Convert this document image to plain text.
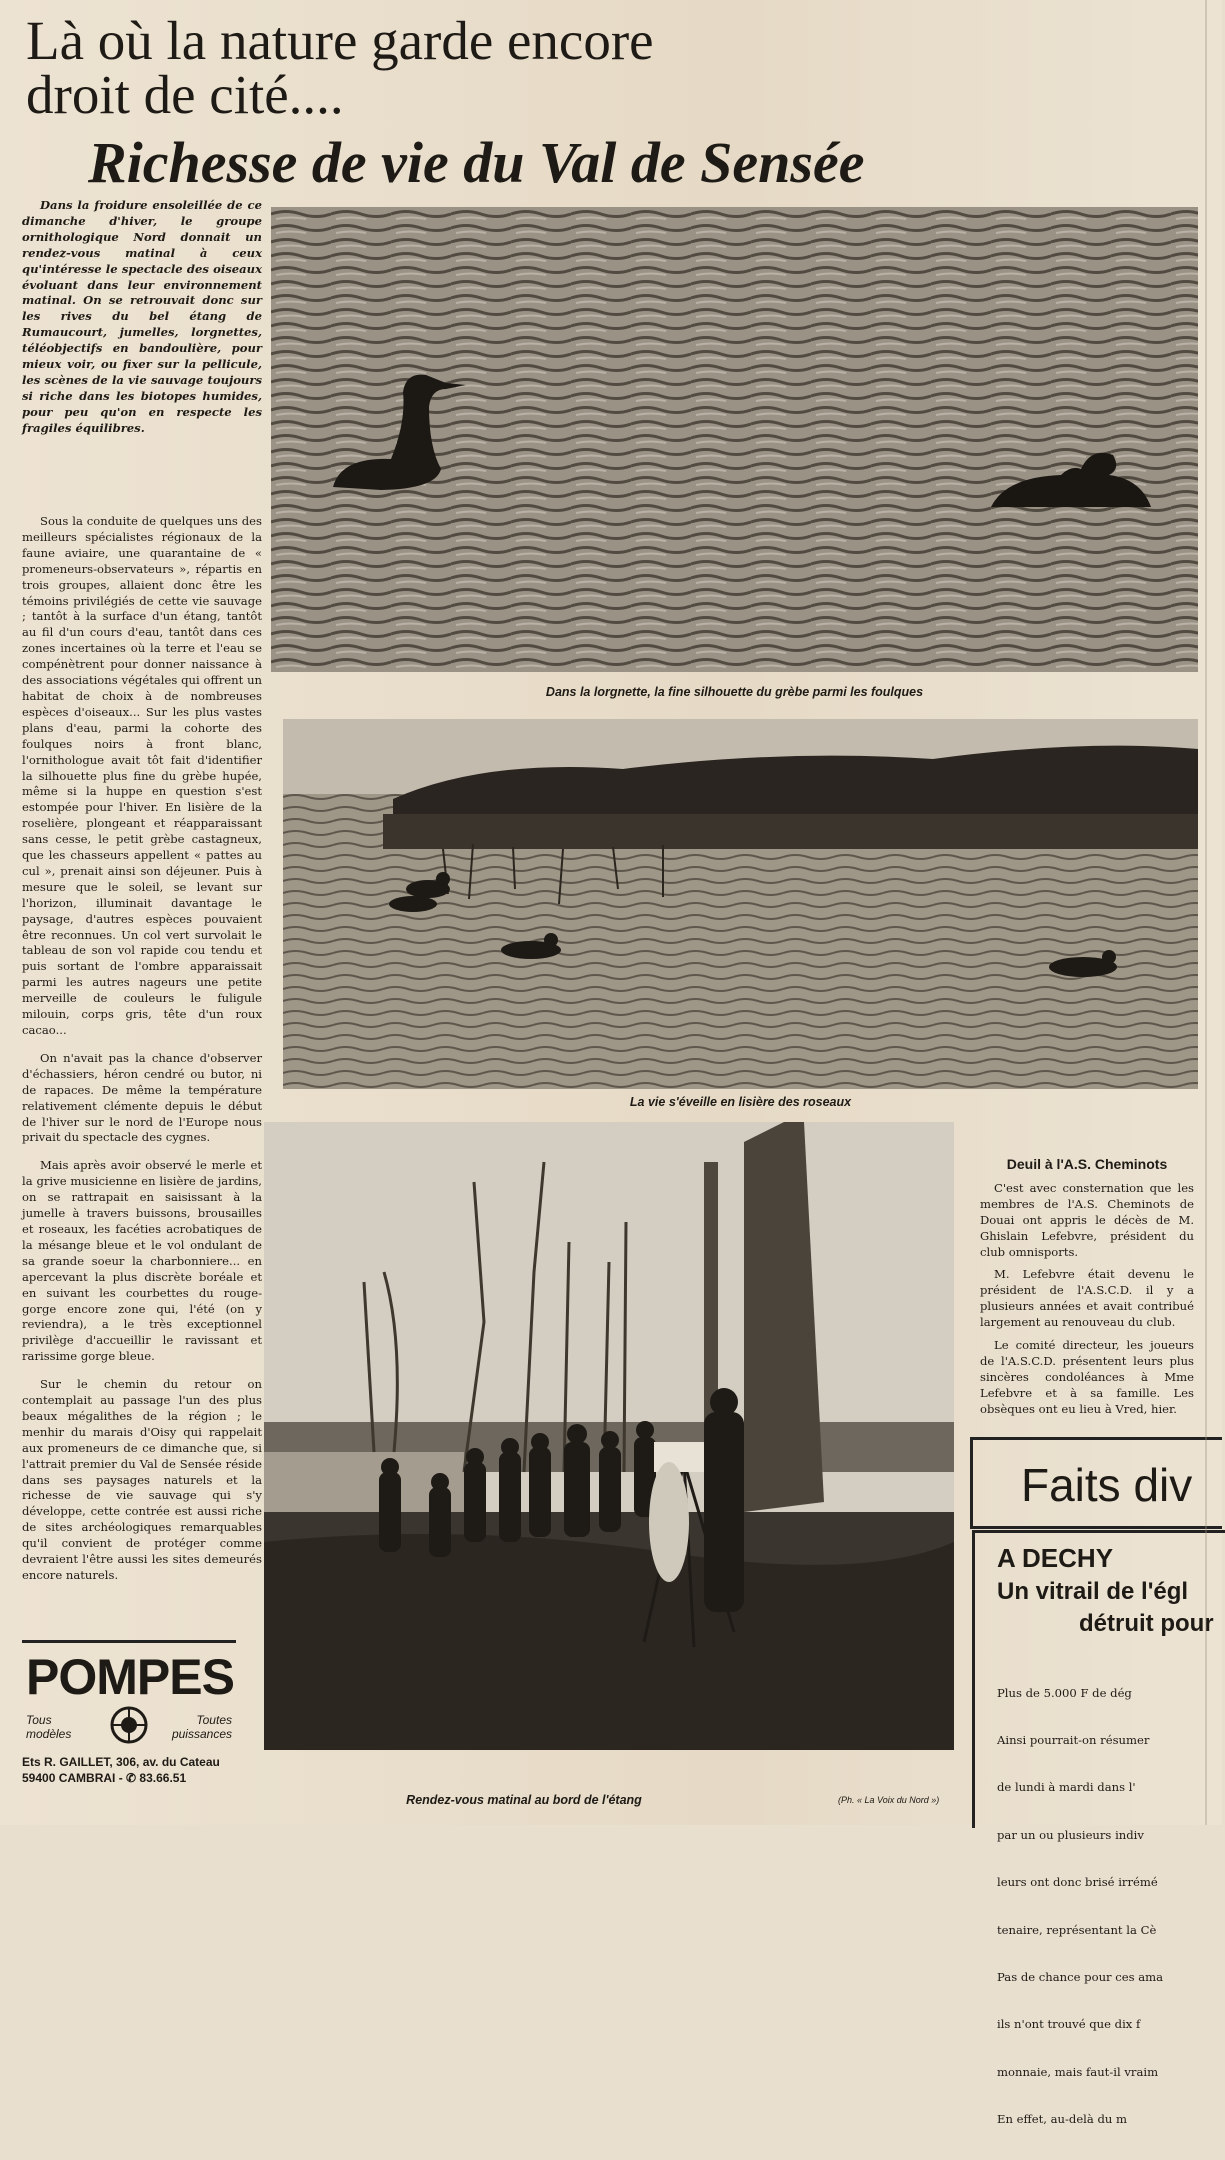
Là où la nature garde encore
droit de cité....
Richesse de vie du Val de Sensée

Dans la froidure ensoleillée de ce dimanche d'hiver, le groupe ornithologique Nord donnait un rendez-vous matinal à ceux qu'intéresse le spectacle des oiseaux évoluant dans leur environnement matinal. On se retrouvait donc sur les rives du bel étang de Rumaucourt, jumelles, lorgnettes, téléobjectifs en bandoulière, pour mieux voir, ou fixer sur la pellicule, les scènes de la vie sauvage toujours si riche dans les biotopes humides, pour peu qu'on en respecte les fragiles équilibres.

Sous la conduite de quelques uns des meilleurs spécialistes régionaux de la faune aviaire, une quarantaine de « promeneurs-observateurs », répartis en trois groupes, allaient donc être les témoins privilégiés de cette vie sauvage ; tantôt à la surface d'un étang, tantôt au fil d'un cours d'eau, tantôt dans ces zones incertaines où la terre et l'eau se compénètrent pour donner naissance à des associations végétales qui offrent un habitat de choix à de nombreuses espèces d'oiseaux... Sur les plus vastes plans d'eau, parmi la cohorte des foulques noirs à front blanc, l'ornithologue avait tôt fait d'identifier la silhouette plus fine du grèbe hupée, même si la huppe en question s'est estompée pour l'hiver. En lisière de la roselière, plongeant et réapparaissant sans cesse, le petit grèbe castagneux, que les chasseurs appellent « pattes au cul », prenait ainsi son déjeuner. Puis à mesure que le soleil, se levant sur l'horizon, illuminait davantage le paysage, d'autres espèces pouvaient être reconnues. Un col vert survolait le tableau de son vol rapide cou tendu et puis sortant de l'ombre apparaissait parmi les autres nageurs une petite merveille de couleurs le fuligule milouin, corps gris, tête d'un roux cacao...

On n'avait pas la chance d'observer d'échassiers, héron cendré ou butor, ni de rapaces. De même la température relativement clémente depuis le début de l'hiver sur le nord de l'Europe nous privait du spectacle des cygnes.

Mais après avoir observé le merle et la grive musicienne en lisière de jardins, on se rattrapait en saisissant à la jumelle à travers buissons, brousailles et roseaux, les facéties acrobatiques de la mésange bleue et le vol ondulant de sa grande soeur la charbonniere... en apercevant la plus discrète boréale et en suivant les courbettes du rouge-gorge encore zone qui, l'été (on y reviendra), a le très exceptionnel privilège d'accueillir le ravissant et rarissime gorge bleue.

Sur le chemin du retour on contemplait au passage l'un des plus beaux mégalithes de la région ; le menhir du marais d'Oisy qui rappelait aux promeneurs de ce dimanche que, si l'attrait premier du Val de Sensée réside dans ses paysages naturels et la richesse de vie sauvage qui s'y développe, cette contrée est aussi riche de sites archéologiques remarquables qu'il convient de protéger comme devraient l'être aussi les sites demeurés encore naturels.

Dans la lorgnette, la fine silhouette du grèbe parmi les foulques
La vie s'éveille en lisière des roseaux
Rendez-vous matinal au bord de l'étang	(Ph. « La Voix du Nord »)
Deuil à l'A.S. Cheminots

C'est avec consternation que les membres de l'A.S. Cheminots de Douai ont appris le décès de M. Ghislain Lefebvre, président du club omnisports.

M. Lefebvre était devenu le président de l'A.S.C.D. il y a plusieurs années et avait contribué largement au renouveau du club.

Le comité directeur, les joueurs de l'A.S.C.D. présentent leurs plus sincères condoléances à Mme Lefebvre et à sa famille. Les obsèques ont eu lieu à Vred, hier.

Faits div
A DECHY
Un vitrail de l'égl
détruit pour

Plus de 5.000 F de dég

Ainsi pourrait-on résumer

de lundi à mardi dans l'

par un ou plusieurs indiv

leurs ont donc brisé irrémé

tenaire, représentant la Cè

Pas de chance pour ces ama

ils n'ont trouvé que dix f

monnaie, mais faut-il vraim

En effet, au-delà du m

POMPES
Tous modèles
Toutes puissances
Ets R. GAILLET, 306, av. du Cateau
59400 CAMBRAI - ✆ 83.66.51
